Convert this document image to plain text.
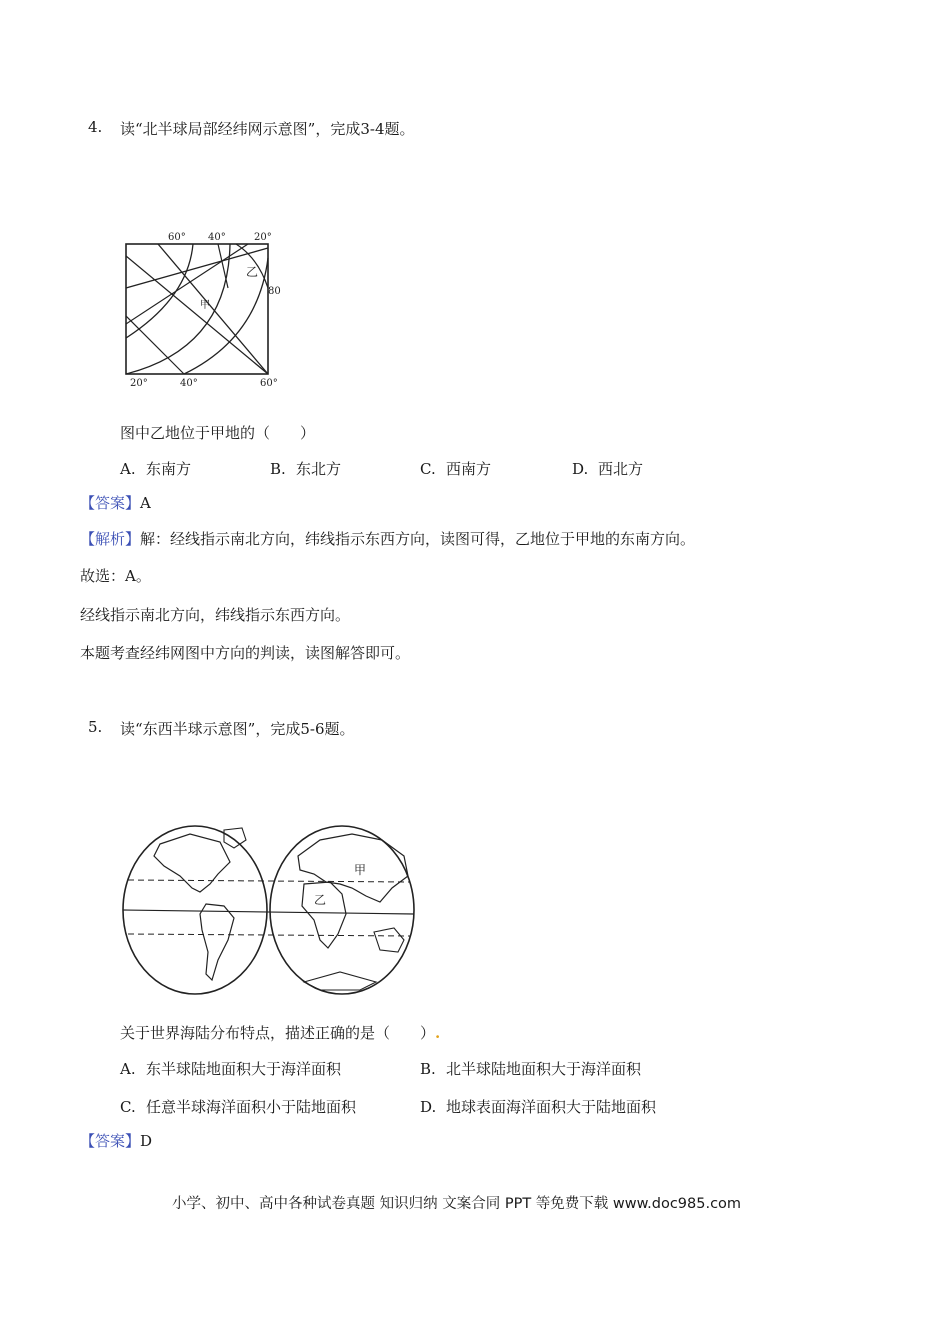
4. 读“北半球局部经纬网示意图”，完成3-4题。
60° 40°	20°
20°	40°	60°
80
乙
甲
图中乙地位于甲地的（　　）
A. 东南方	B. 东北方	C. 西南方	D. 西北方
【答案】A
【解析】解：经线指示南北方向，纬线指示东西方向，读图可得，乙地位于甲地的东南方向。
故选：A。
经线指示南北方向，纬线指示东西方向。
本题考查经纬网图中方向的判读，读图解答即可。
5. 读“东西半球示意图”，完成5-6题。
甲
乙
关于世界海陆分布特点，描述正确的是（　　）.
A. 东半球陆地面积大于海洋面积	B. 北半球陆地面积大于海洋面积
C. 任意半球海洋面积小于陆地面积	D. 地球表面海洋面积大于陆地面积
【答案】D
小学、初中、高中各种试卷真题 知识归纳 文案合同 PPT 等免费下载 www.doc985.com
